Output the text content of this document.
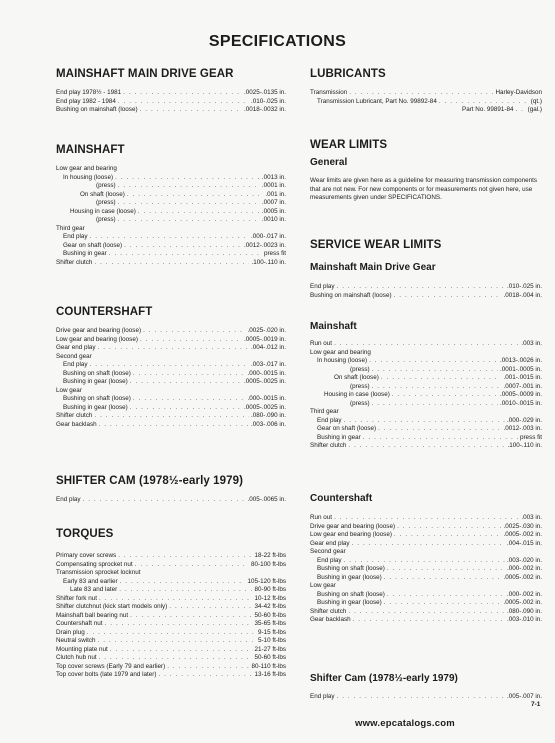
SPECIFICATIONS
MAINSHAFT MAIN DRIVE GEAR
End play 1978½ - 1981 . . .	.0025-.0135 in.
End play 1982 - 1984 . . .	.010-.025 in.
Bushing on mainshaft (loose) . . .	.0018-.0032 in.
MAINSHAFT
Low gear and bearing
In housing (loose) . . .	.0013 in.
(press) . . .	.0001 in.
On shaft (loose) . . .	.001 in.
(press) . . .	.0007 in.
Housing in case (loose) . . .	.0005 in.
(press) . . .	.0010 in.
Third gear
End play . . .	.000-.017 in.
Gear on shaft (loose) . . .	.0012-.0023 in.
Bushing in gear . . .	press fit
Shifter clutch . . .	.100-.110 in.
COUNTERSHAFT
Drive gear and bearing (loose) . . .	.0025-.020 in.
Low gear and bearing (loose) . . .	.0005-.0019 in.
Gear end play . . .	.004-.012 in.
Second gear
End play . . .	.003-.017 in.
Bushing on shaft (loose) . . .	.000-.0015 in.
Bushing in gear (loose) . . .	.0005-.0025 in.
Low gear
Bushing on shaft (loose) . . .	.000-.0015 in.
Bushing in gear (loose) . . .	.0005-.0025 in.
Shifter clutch . . .	.080-.090 in.
Gear backlash . . .	.003-.006 in.
SHIFTER CAM (1978½-early 1979)
End play . . .	.005-.0065 in.
TORQUES
Primary cover screws . . .	18-22 ft-lbs
Compensating sprocket nut . . .	80-100 ft-lbs
Transmission sprocket locknut
Early 83 and earlier . . .	105-120 ft-lbs
Late 83 and later . . .	80-90 ft-lbs
Shifter fork nut . . .	10-12 ft-lbs
Shifter clutchnut (kick start models only) . . .	34-42 ft-lbs
Mainshaft ball bearing nut . . .	50-60 ft-lbs
Countershaft nut . . .	35-65 ft-lbs
Drain plug . . .	9-15 ft-lbs
Neutral switch . . .	5-10 ft-lbs
Mounting plate nut . . .	21-27 ft-lbs
Clutch hub nut . . .	50-60 ft-lbs
Top cover screws (Early 79 and earlier) . . .	80-110 ft-lbs
Top cover bolts (late 1979 and later) . . .	13-16 ft-lbs
LUBRICANTS
Transmission . . .	Harley-Davidson
Transmission Lubricant, Part No. 99892-84 . . .	(qt.)
Part No. 99891-84 . . . (gal.)
WEAR LIMITS
General
Wear limits are given here as a guideline for measuring transmission components that are not new. For new components or for measurements not given here, use measurements given under SPECIFICATIONS.
SERVICE WEAR LIMITS
Mainshaft Main Drive Gear
End play . . .	.010-.025 in.
Bushing on mainshaft (loose) . . .	.0018-.004 in.
Mainshaft
Run out . . .	.003 in.
Low gear and bearing
In housing (loose) . . .	.0013-.0026 in.
(press) . . .	.0001-.0005 in.
On shaft (loose) . . .	.001-.0015 in.
(press) . . .	.0007-.001 in.
Housing in case (loose) . . .	.0005-.0009 in.
(press) . . .	.0010-.0015 in.
Third gear
End play . . .	.000-.029 in.
Gear on shaft (loose) . . .	.0012-.003 in.
Bushing in gear . . .	press fit
Shifter clutch . . .	.100-.110 in.
Countershaft
Run out . . .	.003 in.
Drive gear and bearing (loose) . . .	.0025-.030 in.
Low gear end bearing (loose) . . .	.0005-.002 in.
Gear end play . . .	.004-.015 in.
Second gear
End play . . .	.003-.020 in.
Bushing on shaft (loose) . . .	.000-.002 in.
Bushing in gear (loose) . . .	.0005-.002 in.
Low gear
Bushing on shaft (loose) . . .	.000-.002 in.
Bushing in gear (loose) . . .	.0005-.002 in.
Shifter clutch . . .	.080-.090 in.
Gear backlash . . .	.003-.010 in.
Shifter Cam (1978½-early 1979)
End play . . .	.005-.007 in.
7-1
www.epcatalogs.com
